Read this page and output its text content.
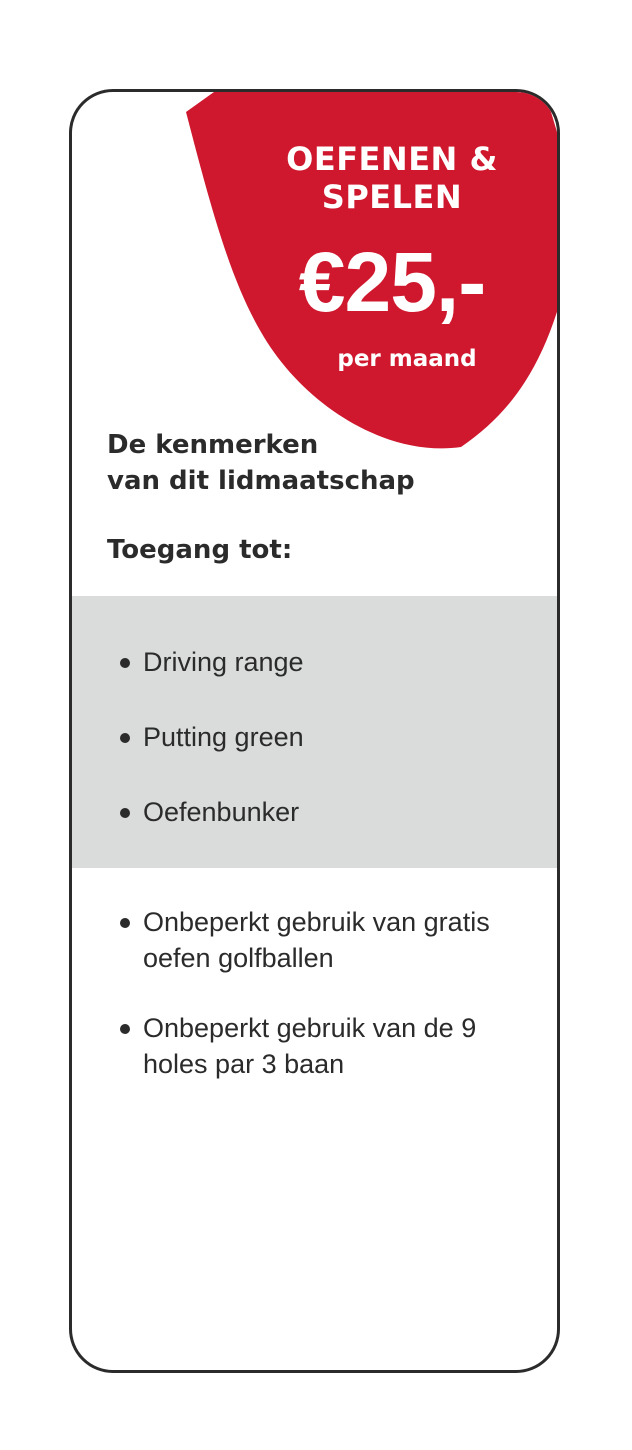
OEFENEN &
SPELEN
€25,-
per maand
De kenmerken
van dit lidmaatschap
Toegang tot:
Driving range
Putting green
Oefenbunker
Onbeperkt gebruik van gratis
oefen golfballen
Onbeperkt gebruik van de 9
holes par 3 baan
